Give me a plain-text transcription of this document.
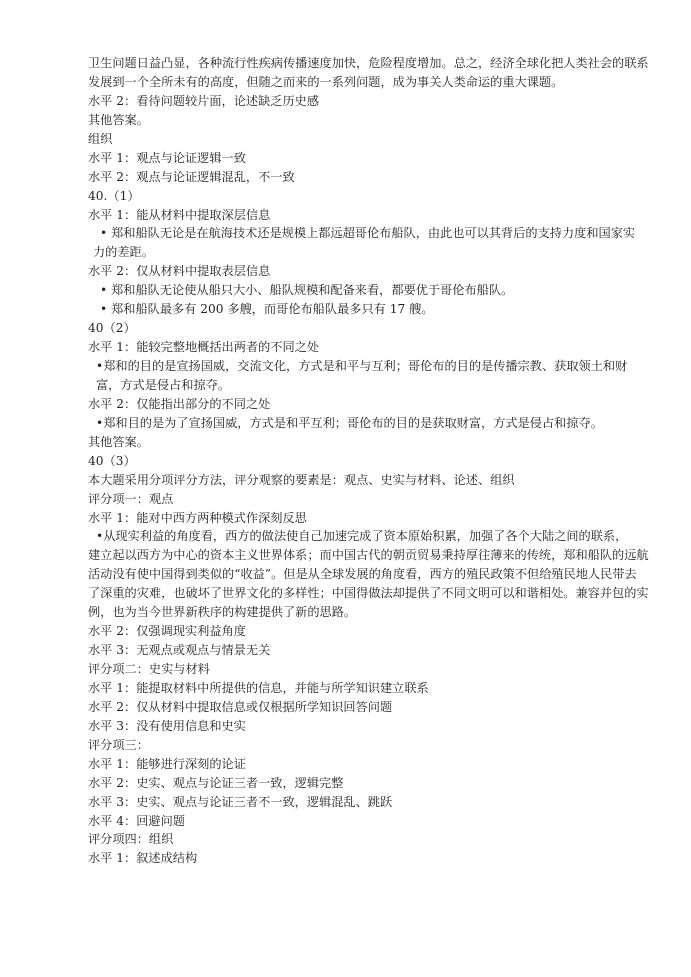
卫生问题日益凸显，各种流行性疾病传播速度加快，危险程度增加。总之，经济全球化把人类社会的联系
发展到一个全所未有的高度，但随之而来的一系列问题，成为事关人类命运的重大课题。
水平 2：看待问题较片面，论述缺乏历史感
其他答案。
组织
水平 1：观点与论证逻辑一致
水平 2：观点与论证逻辑混乱，不一致
40.（1）
水平 1：能从材料中提取深层信息
• 郑和船队无论是在航海技术还是规模上都远超哥伦布船队，由此也可以其背后的支持力度和国家实
力的差距。
水平 2：仅从材料中提取表层信息
• 郑和船队无论使从船只大小、船队规模和配备来看，都要优于哥伦布船队。
• 郑和船队最多有 200 多艘，而哥伦布船队最多只有 17 艘。
40（2）
水平 1：能较完整地概括出两者的不同之处
•郑和的目的是宣扬国威，交流文化，方式是和平与互利；哥伦布的目的是传播宗教、获取领土和财
富，方式是侵占和掠夺。
水平 2：仅能指出部分的不同之处
•郑和目的是为了宣扬国威，方式是和平互利；哥伦布的目的是获取财富，方式是侵占和掠夺。
其他答案。
40（3）
本大题采用分项评分方法，评分观察的要素是：观点、史实与材料、论述、组织
评分项一：观点
水平 1：能对中西方两种模式作深刻反思
•从现实利益的角度看，西方的做法使自己加速完成了资本原始积累，加强了各个大陆之间的联系，
建立起以西方为中心的资本主义世界体系；而中国古代的朝贡贸易秉持厚往薄来的传统，郑和船队的远航
活动没有使中国得到类似的“收益”。但是从全球发展的角度看，西方的殖民政策不但给殖民地人民带去
了深重的灾难，也破坏了世界文化的多样性；中国得做法却提供了不同文明可以和谐相处。兼容并包的实
例，也为当今世界新秩序的构建提供了新的思路。
水平 2：仅强调现实利益角度
水平 3：无观点或观点与情景无关
评分项二：史实与材料
水平 1：能提取材料中所提供的信息，并能与所学知识建立联系
水平 2：仅从材料中提取信息或仅根据所学知识回答问题
水平 3：没有使用信息和史实
评分项三：
水平 1：能够进行深刻的论证
水平 2：史实、观点与论证三者一致，逻辑完整
水平 3：史实、观点与论证三者不一致，逻辑混乱、跳跃
水平 4：回避问题
评分项四：组织
水平 1：叙述成结构
